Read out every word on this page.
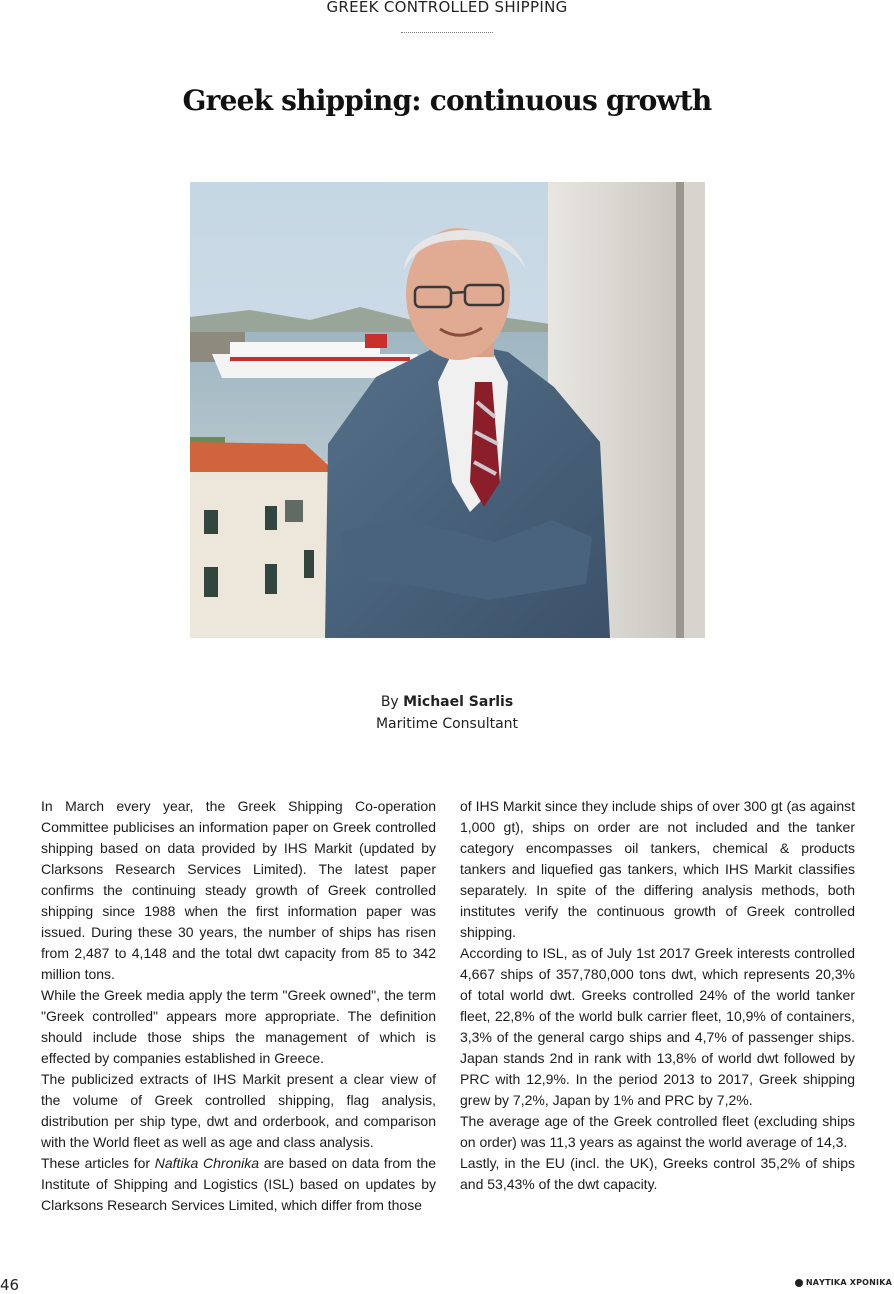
GREEK CONTROLLED SHIPPING
Greek shipping: continuous growth
By Michael Sarlis
Maritime Consultant

In March every year, the Greek Shipping Co-operation Committee publicises an information paper on Greek controlled shipping based on data provided by IHS Markit (updated by Clarksons Research Services Limited). The latest paper confirms the continuing steady growth of Greek controlled shipping since 1988 when the first information paper was issued. During these 30 years, the number of ships has risen from 2,487 to 4,148 and the total dwt capacity from 85 to 342 million tons.

While the Greek media apply the term "Greek owned", the term "Greek controlled" appears more appropriate. The definition should include those ships the management of which is effected by companies established in Greece.

The publicized extracts of IHS Markit present a clear view of the volume of Greek controlled shipping, flag analysis, distribution per ship type, dwt and orderbook, and comparison with the World fleet as well as age and class analysis.

These articles for Naftika Chronika are based on data from the Institute of Shipping and Logistics (ISL) based on updates by Clarksons Research Services Limited, which differ from those

of IHS Markit since they include ships of over 300 gt (as against 1,000 gt), ships on order are not included and the tanker category encompasses oil tankers, chemical & products tankers and liquefied gas tankers, which IHS Markit classifies separately. In spite of the differing analysis methods, both institutes verify the continuous growth of Greek controlled shipping.

According to ISL, as of July 1st 2017 Greek interests controlled 4,667 ships of 357,780,000 tons dwt, which represents 20,3% of total world dwt. Greeks controlled 24% of the world tanker fleet, 22,8% of the world bulk carrier fleet, 10,9% of containers, 3,3% of the general cargo ships and 4,7% of passenger ships. Japan stands 2nd in rank with 13,8% of world dwt followed by PRC with 12,9%. In the period 2013 to 2017, Greek shipping grew by 7,2%, Japan by 1% and PRC by 7,2%.

The average age of the Greek controlled fleet (excluding ships on order) was 11,3 years as against the world average of 14,3.

Lastly, in the EU (incl. the UK), Greeks control 35,2% of ships and 53,43% of the dwt capacity.

46	ΝΑΥΤΙΚΑ ΧΡΟΝΙΚΑ
